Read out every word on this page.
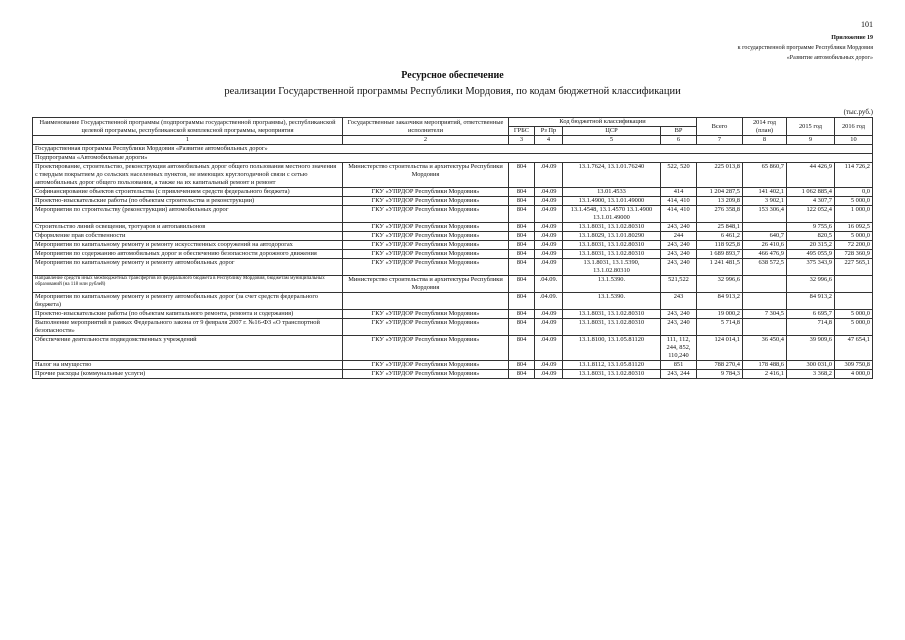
101
Приложение 19
к государственной программе Республики Мордовия
«Развитие автомобильных дорог»
Ресурсное обеспечение
реализации Государственной программы Республики Мордовия, по кодам бюджетной классификации
(тыс.руб.)
Наименование Государственной программы (подпрограммы государственной программы), республиканской целевой программы, республиканской комплексной программы, мероприятия	Государственные заказчики мероприятий, ответственные исполнители	Код бюджетной классификации				Всего	2014 год (план)	2015 год	2016 год
		ГРБС	Рз Пр	ЦСР	ВР				
1	2	3	4	5	6	7	8	9	10
Государственная программа Республики Мордовия «Развитие автомобильных дорог»									
Подпрограмма «Автомобильные дороги»									
Проектирование, строительство, реконструкция автомобильных дорог общего пользования местного значения с твердым покрытием до сельских населенных пунктов, не имеющих круглогодичной связи с сетью автомобильных дорог общего пользования, а также на их капитальный ремонт и ремонт	Министерство строительства и архитектуры Республики Мордовия	804	.04.09	13.1.7624, 13.1.01.76240	522, 520	225 013,8	65 860,7	44 426,9	114 726,2
Софинансирование объектов строительства (с привлечением средств федерального бюджета)	ГКУ «УПРДОР Республики Мордовия»	804	.04.09	13.01.4533	414	1 204 287,5	141 402,1	1 062 885,4	0,0
Проектно-изыскательские работы (по объектам строительства и реконструкции)	ГКУ «УПРДОР Республики Мордовия»	804	.04.09	13.1.4900, 13.1.01.49000	414, 410	13 209,8	3 902,1	4 307,7	5 000,0
Мероприятия по строительству (реконструкции) автомобильных дорог	ГКУ «УПРДОР Республики Мордовия»	804	.04.09	13.1.4548, 13.1.4570 13.1.4900 13.1.01.49000	414, 410	276 358,8	153 306,4	122 052,4	1 000,0
Строительство линий освещения, тротуаров и автопавильонов	ГКУ «УПРДОР Республики Мордовия»	804	.04.09	13.1.8031, 13.1.02.80310	243, 240	25 848,1		9 755,6	16 092,5
Оформление прав собственности	ГКУ «УПРДОР Республики Мордовия»	804	.04.09	13.1.8029, 13.1.01.80290	244	6 461,2	640,7	820,5	5 000,0
Мероприятия по капитальному ремонту и ремонту искусственных сооружений на автодорогах	ГКУ «УПРДОР Республики Мордовия»	804	.04.09	13.1.8031, 13.1.02.80310	243, 240	118 925,8	26 410,6	20 315,2	72 200,0
Мероприятия по содержанию автомобильных дорог и обеспечению безопасности дорожного движения	ГКУ «УПРДОР Республики Мордовия»	804	.04.09	13.1.8031, 13.1.02.80310	243, 240	1 689 893,7	466 476,9	495 055,9	728 360,9
Мероприятия по капитальному ремонту и ремонту автомобильных дорог	ГКУ «УПРДОР Республики Мордовия»	804	.04.09	13.1.8031, 13.1.5390, 13.1.02.80310	243, 240	1 241 481,5	638 572,5	375 343,9	227 565,1
Направление средств иных межбюджетных трансфертов из федерального бюджета в Республику Мордовия, бюджетам муниципальных образований (на 118 млн рублей)	Министерство строительства и архитектуры Республики Мордовия	804	.04.09.	13.1.5390.	521,522	32 996,6		32 996,6	
Мероприятия по капитальному ремонту и ремонту автомобильных дорог (за счет средств федерального бюджета)		804	.04.09.	13.1.5390.	243	84 913,2		84 913,2	
Проектно-изыскательские работы (по объектам капитального ремонта, ремонта и содержания)	ГКУ «УПРДОР Республики Мордовия»	804	.04.09	13.1.8031, 13.1.02.80310	243, 240	19 000,2	7 304,5	6 695,7	5 000,0
Выполнение мероприятий в рамках Федерального закона от 9 февраля 2007 г. №16-ФЗ «О транспортной безопасности»	ГКУ «УПРДОР Республики Мордовия»	804	.04.09	13.1.8031, 13.1.02.80310	243, 240	5 714,8		714,8	5 000,0
Обеспечение деятельности подведомственных учреждений	ГКУ «УПРДОР Республики Мордовия»	804	.04.09	13.1.8100, 13.1.05.81120	111, 112, 244, 852, 110,240	124 014,1	36 450,4	39 909,6	47 654,1
Налог на имущество	ГКУ «УПРДОР Республики Мордовия»	804	.04.09	13.1.8112, 13.1.05.81120	851	788 270,4	178 488,6	300 031,0	309 750,8
Прочие расходы (коммунальные услуги)	ГКУ «УПРДОР Республики Мордовия»	804	.04.09	13.1.8031, 13.1.02.80310	243, 244	9 784,3	2 416,1	3 368,2	4 000,0
